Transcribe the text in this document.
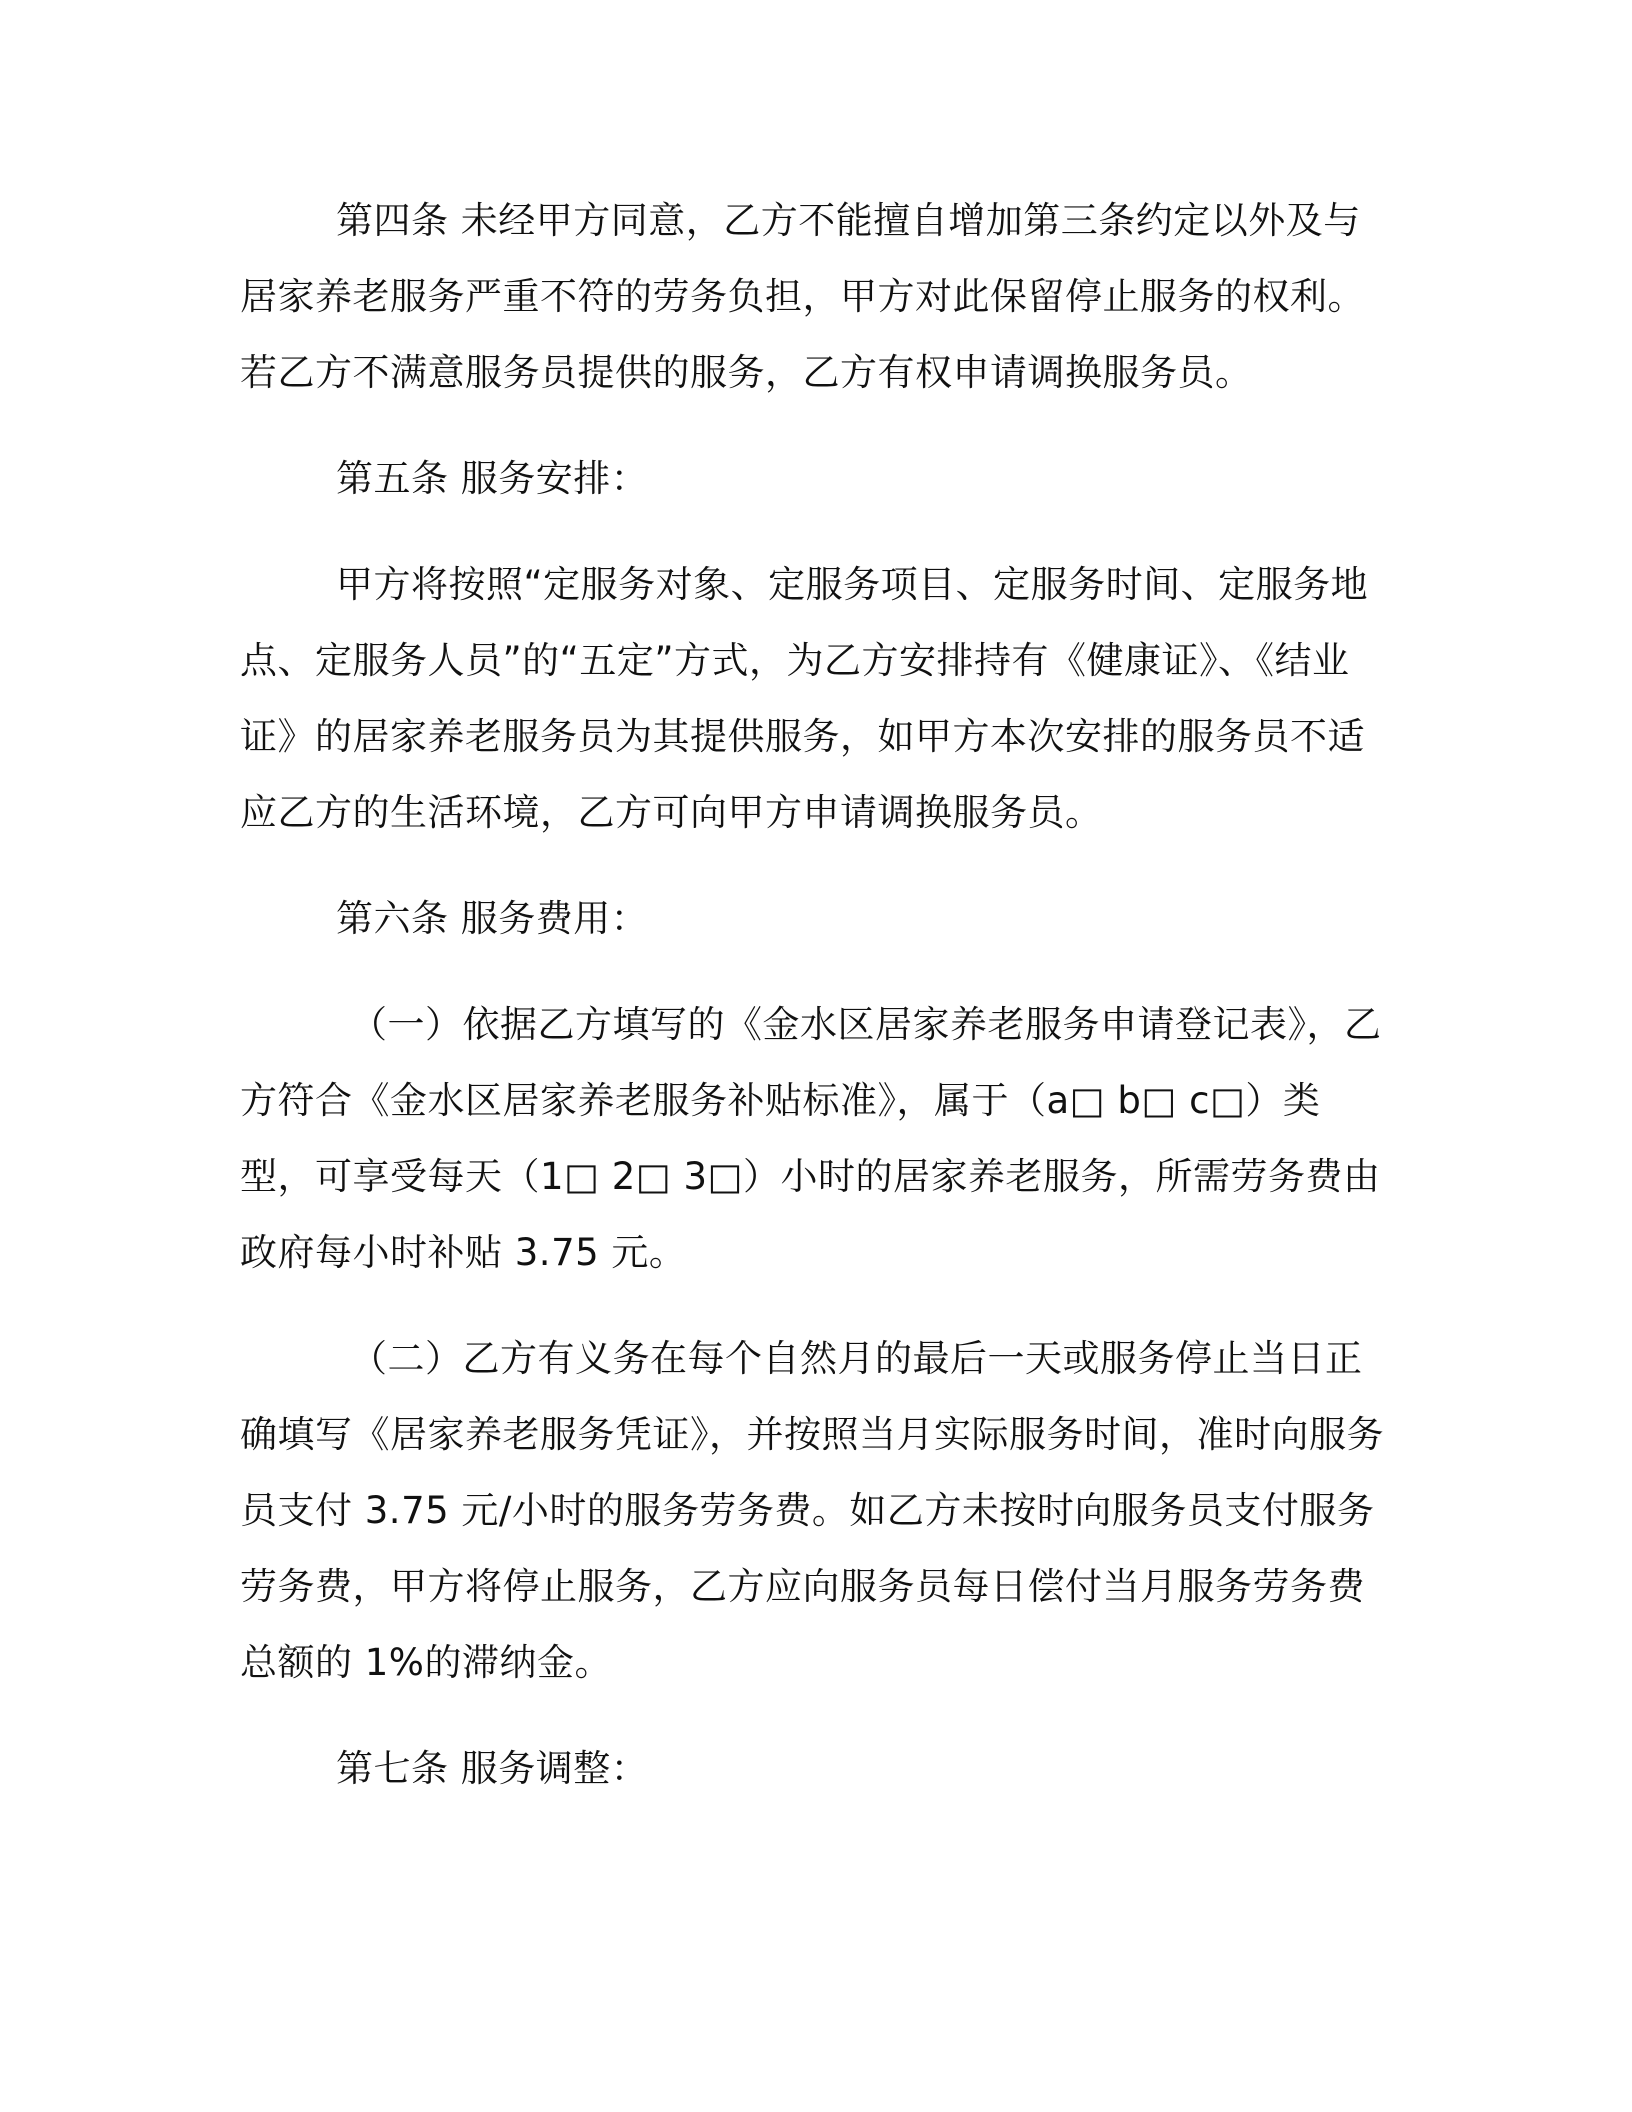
第四条 未经甲方同意，乙方不能擅自增加第三条约定以外及与居家养老服务严重不符的劳务负担，甲方对此保留停止服务的权利。若乙方不满意服务员提供的服务，乙方有权申请调换服务员。

第五条 服务安排：

甲方将按照“定服务对象、定服务项目、定服务时间、定服务地点、定服务人员”的“五定”方式，为乙方安排持有《健康证》、《结业证》的居家养老服务员为其提供服务，如甲方本次安排的服务员不适应乙方的生活环境，乙方可向甲方申请调换服务员。

第六条 服务费用：

（一）依据乙方填写的《金水区居家养老服务申请登记表》，乙方符合《金水区居家养老服务补贴标准》，属于（a□ b□ c□）类型，可享受每天（1□ 2□ 3□）小时的居家养老服务，所需劳务费由政府每小时补贴 3.75 元。

（二）乙方有义务在每个自然月的最后一天或服务停止当日正确填写《居家养老服务凭证》，并按照当月实际服务时间，准时向服务员支付 3.75 元/小时的服务劳务费。如乙方未按时向服务员支付服务劳务费，甲方将停止服务，乙方应向服务员每日偿付当月服务劳务费总额的 1%的滞纳金。

第七条 服务调整：
